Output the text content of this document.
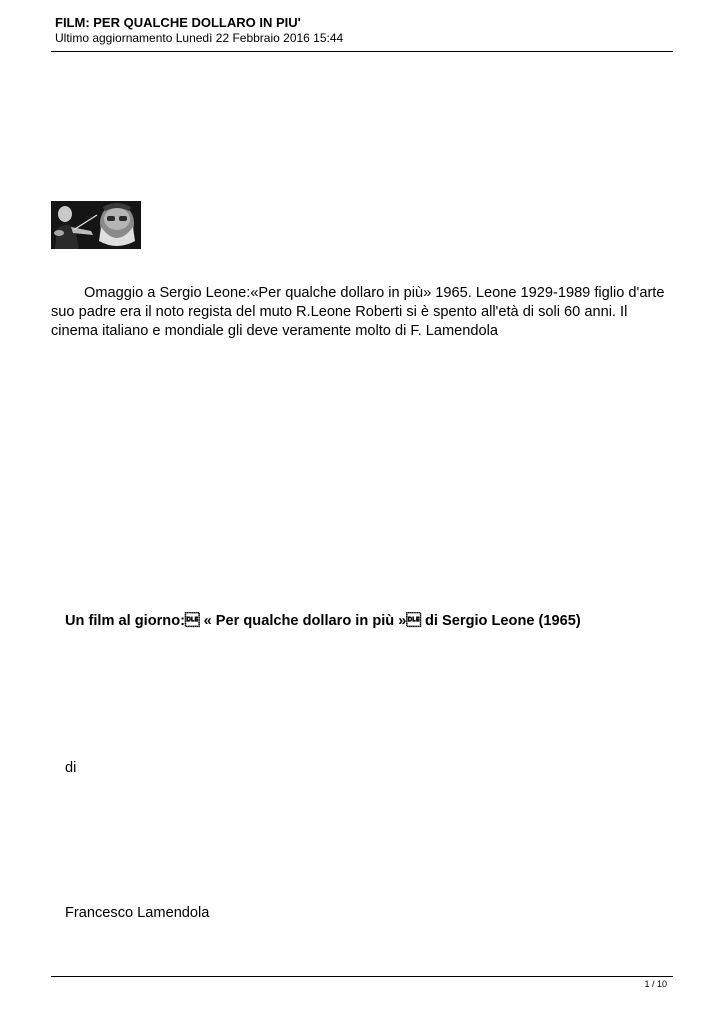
FILM: PER QUALCHE DOLLARO IN PIU'
Ultimo aggiornamento Lunedì 22 Febbraio 2016 15:44

Omaggio a Sergio Leone:«Per qualche dollaro in più» 1965. Leone 1929-1989 figlio d'arte suo padre era il noto regista del muto R.Leone Roberti si è spento all'età di soli 60 anni. Il cinema italiano e mondiale gli deve veramente molto di F. Lamendola

Un film al giorno: « Per qualche dollaro in più » di Sergio Leone (1965)
di
Francesco Lamendola
1 / 10
